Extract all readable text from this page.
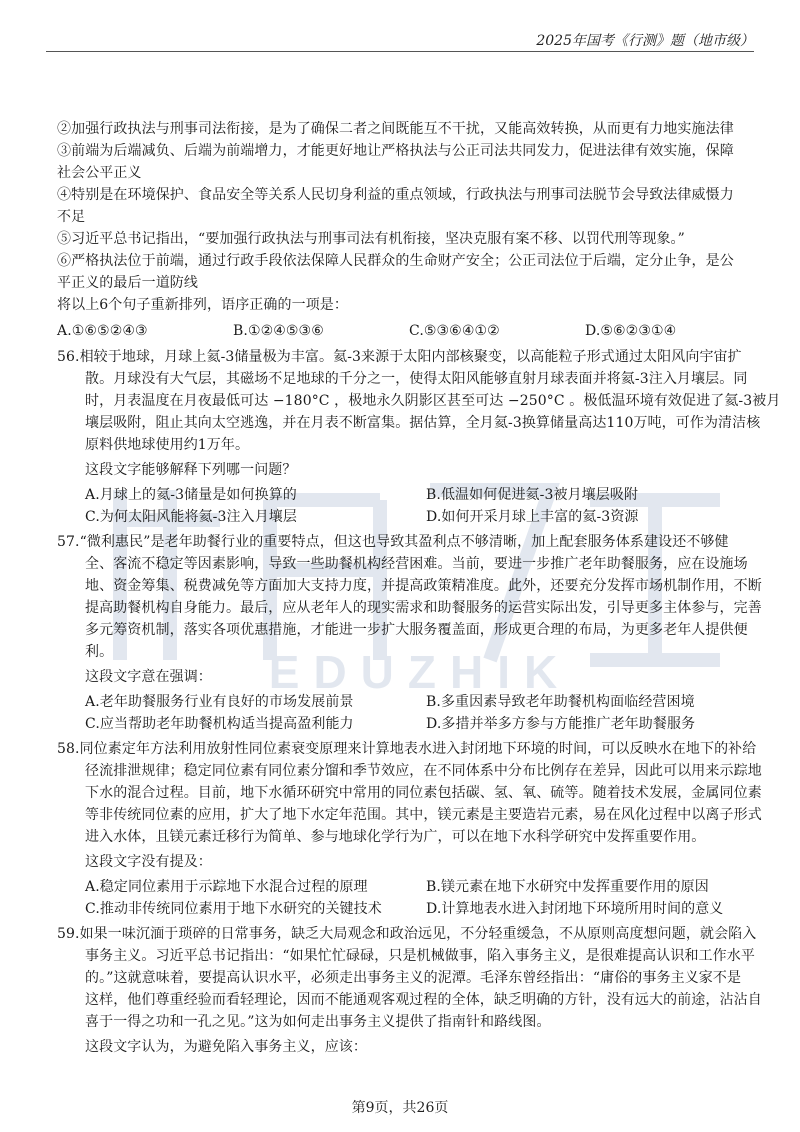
2025年国考《行测》题（地市级）
EDUZHIK
②加强行政执法与刑事司法衔接，是为了确保二者之间既能互不干扰，又能高效转换，从而更有力地实施法律
③前端为后端减负、后端为前端增力，才能更好地让严格执法与公正司法共同发力，促进法律有效实施，保障
社会公平正义
④特别是在环境保护、食品安全等关系人民切身利益的重点领域，行政执法与刑事司法脱节会导致法律威慑力
不足
⑤习近平总书记指出，“要加强行政执法与刑事司法有机衔接，坚决克服有案不移、以罚代刑等现象。”
⑥严格执法位于前端，通过行政手段依法保障人民群众的生命财产安全；公正司法位于后端，定分止争，是公
平正义的最后一道防线
将以上6个句子重新排列，语序正确的一项是：
A.①⑥⑤②④③	B.①②④⑤③⑥	C.⑤③⑥④①②	D.⑤⑥②③①④
56.相较于地球，月球上氦-3储量极为丰富。氦-3来源于太阳内部核聚变，以高能粒子形式通过太阳风向宇宙扩
散。月球没有大气层，其磁场不足地球的千分之一，使得太阳风能够直射月球表面并将氦-3注入月壤层。同
时，月表温度在月夜最低可达 −180°C ，极地永久阴影区甚至可达 −250°C 。极低温环境有效促进了氦-3被月
壤层吸附，阻止其向太空逃逸，并在月表不断富集。据估算，全月氦-3换算储量高达110万吨，可作为清洁核
原料供地球使用约1万年。
这段文字能够解释下列哪一问题？
A.月球上的氦-3储量是如何换算的	B.低温如何促进氦-3被月壤层吸附
C.为何太阳风能将氦-3注入月壤层	D.如何开采月球上丰富的氦-3资源
57.“微利惠民”是老年助餐行业的重要特点，但这也导致其盈利点不够清晰，加上配套服务体系建设还不够健
全、客流不稳定等因素影响，导致一些助餐机构经营困难。当前，要进一步推广老年助餐服务，应在设施场
地、资金筹集、税费减免等方面加大支持力度，并提高政策精准度。此外，还要充分发挥市场机制作用，不断
提高助餐机构自身能力。最后，应从老年人的现实需求和助餐服务的运营实际出发，引导更多主体参与，完善
多元筹资机制，落实各项优惠措施，才能进一步扩大服务覆盖面，形成更合理的布局，为更多老年人提供便
利。
这段文字意在强调：
A.老年助餐服务行业有良好的市场发展前景	B.多重因素导致老年助餐机构面临经营困境
C.应当帮助老年助餐机构适当提高盈利能力	D.多措并举多方参与方能推广老年助餐服务
58.同位素定年方法利用放射性同位素衰变原理来计算地表水进入封闭地下环境的时间，可以反映水在地下的补给
径流排泄规律；稳定同位素有同位素分馏和季节效应，在不同体系中分布比例存在差异，因此可以用来示踪地
下水的混合过程。目前，地下水循环研究中常用的同位素包括碳、氢、氧、硫等。随着技术发展，金属同位素
等非传统同位素的应用，扩大了地下水定年范围。其中，镁元素是主要造岩元素，易在风化过程中以离子形式
进入水体，且镁元素迁移行为简单、参与地球化学行为广，可以在地下水科学研究中发挥重要作用。
这段文字没有提及：
A.稳定同位素用于示踪地下水混合过程的原理	B.镁元素在地下水研究中发挥重要作用的原因
C.推动非传统同位素用于地下水研究的关键技术	D.计算地表水进入封闭地下环境所用时间的意义
59.如果一味沉湎于琐碎的日常事务，缺乏大局观念和政治远见，不分轻重缓急，不从原则高度想问题，就会陷入
事务主义。习近平总书记指出：“如果忙忙碌碌，只是机械做事，陷入事务主义，是很难提高认识和工作水平
的。”这就意味着，要提高认识水平，必须走出事务主义的泥潭。毛泽东曾经指出：“庸俗的事务主义家不是
这样，他们尊重经验而看轻理论，因而不能通观客观过程的全体，缺乏明确的方针，没有远大的前途，沾沾自
喜于一得之功和一孔之见。”这为如何走出事务主义提供了指南针和路线图。
这段文字认为，为避免陷入事务主义，应该：
第9页，共26页
